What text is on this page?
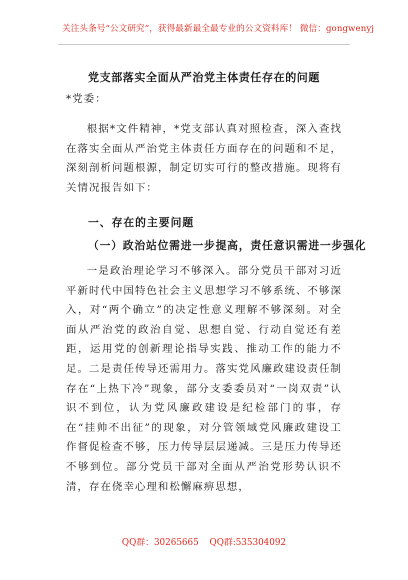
关注头条号“公文研究”，获得最新最全最专业的公文资料库！ 微信：gongwenyj
党支部落实全面从严治党主体责任存在的问题
*党委：
根据*文件精神，*党支部认真对照检查，深入查找在落实全面从严治党主体责任方面存在的问题和不足，深刻剖析问题根源，制定切实可行的整改措施。现将有关情况报告如下：
一、存在的主要问题
（一）政治站位需进一步提高，责任意识需进一步强化
一是政治理论学习不够深入。部分党员干部对习近平新时代中国特色社会主义思想学习不够系统、不够深入，对“两个确立”的决定性意义理解不够深刻。对全面从严治党的政治自觉、思想自觉、行动自觉还有差距，运用党的创新理论指导实践、推动工作的能力不足。二是责任传导还需用力。落实党风廉政建设责任制存在“上热下冷”现象，部分支委委员对“一岗双责”认识不到位，认为党风廉政建设是纪检部门的事，存在“挂帅不出征”的现象，对分管领域党风廉政建设工作督促检查不够，压力传导层层递减。三是压力传导还不够到位。部分党员干部对全面从严治党形势认识不清，存在侥幸心理和松懈麻痹思想，
QQ群：30265665 QQ群:535304092
